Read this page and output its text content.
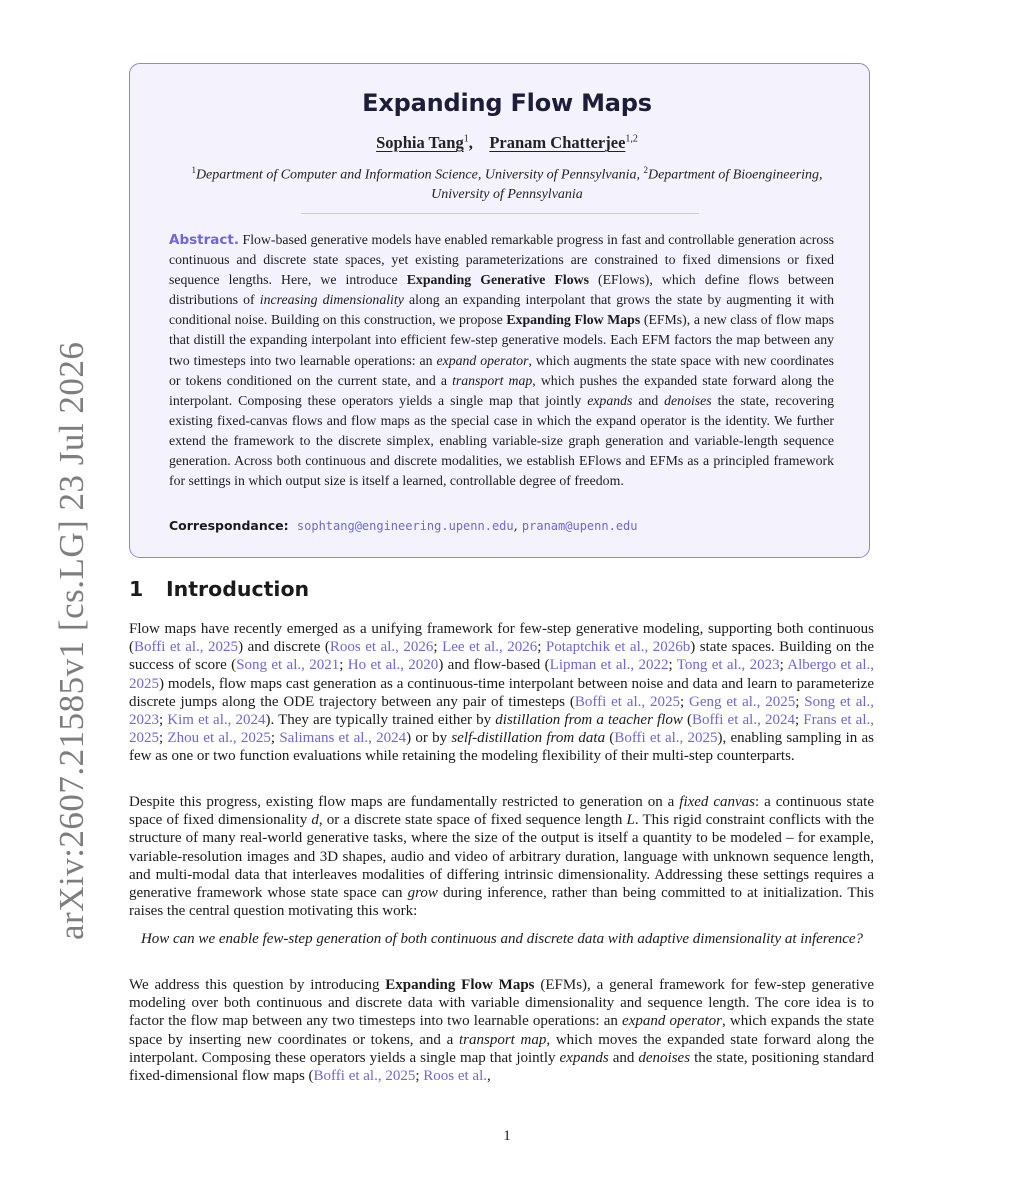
arXiv:2607.21585v1 [cs.LG] 23 Jul 2026
Expanding Flow Maps
Sophia Tang$^1$, Pranam Chatterjee$^{1,2}$
$^1$Department of Computer and Information Science, University of Pennsylvania, $^2$Department of Bioengineering, University of Pennsylvania

Abstract. Flow-based generative models have enabled remarkable progress in fast and controllable generation across continuous and discrete state spaces, yet existing parameterizations are constrained to fixed dimensions or fixed sequence lengths. Here, we introduce Expanding Generative Flows (EFlows), which define flows between distributions of increasing dimensionality along an expanding interpolant that grows the state by augmenting it with conditional noise. Building on this construction, we propose Expanding Flow Maps (EFMs), a new class of flow maps that distill the expanding interpolant into efficient few-step generative models. Each EFM factors the map between any two timesteps into two learnable operations: an expand operator, which augments the state space with new coordinates or tokens conditioned on the current state, and a transport map, which pushes the expanded state forward along the interpolant. Composing these operators yields a single map that jointly expands and denoises the state, recovering existing fixed-canvas flows and flow maps as the special case in which the expand operator is the identity. We further extend the framework to the discrete simplex, enabling variable-size graph generation and variable-length sequence generation. Across both continuous and discrete modalities, we establish EFlows and EFMs as a principled framework for settings in which output size is itself a learned, controllable degree of freedom.

Correspondance: sophtang@engineering.upenn.edu, pranam@upenn.edu
1 Introduction

Flow maps have recently emerged as a unifying framework for few-step generative modeling, supporting both continuous (Boffi et al., 2025) and discrete (Roos et al., 2026; Lee et al., 2026; Potaptchik et al., 2026b) state spaces. Building on the success of score (Song et al., 2021; Ho et al., 2020) and flow-based (Lipman et al., 2022; Tong et al., 2023; Albergo et al., 2025) models, flow maps cast generation as a continuous-time interpolant between noise and data and learn to parameterize discrete jumps along the ODE trajectory between any pair of timesteps (Boffi et al., 2025; Geng et al., 2025; Song et al., 2023; Kim et al., 2024). They are typically trained either by distillation from a teacher flow (Boffi et al., 2024; Frans et al., 2025; Zhou et al., 2025; Salimans et al., 2024) or by self-distillation from data (Boffi et al., 2025), enabling sampling in as few as one or two function evaluations while retaining the modeling flexibility of their multi-step counterparts.

Despite this progress, existing flow maps are fundamentally restricted to generation on a fixed canvas: a continuous state space of fixed dimensionality d, or a discrete state space of fixed sequence length L. This rigid constraint conflicts with the structure of many real-world generative tasks, where the size of the output is itself a quantity to be modeled – for example, variable-resolution images and 3D shapes, audio and video of arbitrary duration, language with unknown sequence length, and multi-modal data that interleaves modalities of differing intrinsic dimensionality. Addressing these settings requires a generative framework whose state space can grow during inference, rather than being committed to at initialization. This raises the central question motivating this work:

How can we enable few-step generation of both continuous and discrete data with adaptive dimensionality at inference?

We address this question by introducing Expanding Flow Maps (EFMs), a general framework for few-step generative modeling over both continuous and discrete data with variable dimensionality and sequence length. The core idea is to factor the flow map between any two timesteps into two learnable operations: an expand operator, which expands the state space by inserting new coordinates or tokens, and a transport map, which moves the expanded state forward along the interpolant. Composing these operators yields a single map that jointly expands and denoises the state, positioning standard fixed-dimensional flow maps (Boffi et al., 2025; Roos et al.,

1
